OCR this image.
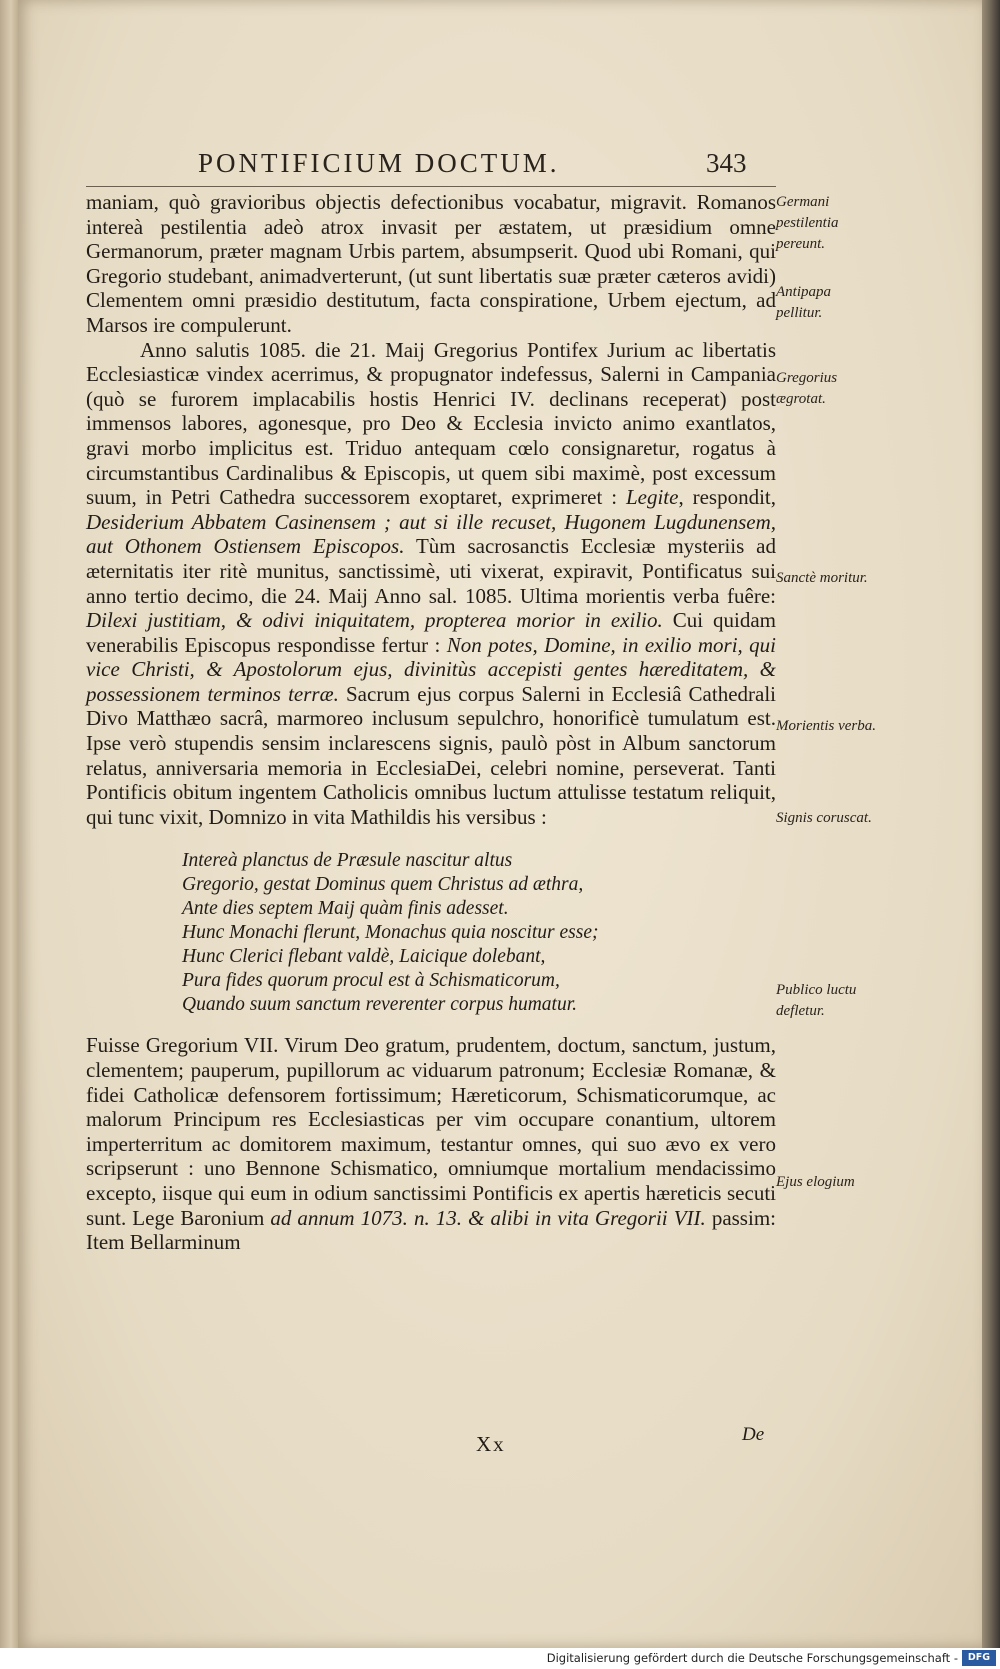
PONTIFICIUM DOCTUM.	343

maniam, quò gravioribus objectis defectionibus vocabatur, migravit. Romanos intereà pestilentia adeò atrox invasit per æstatem, ut præsidium omne Germanorum, præter magnam Urbis partem, absumpserit. Quod ubi Romani, qui Gregorio studebant, animadverterunt, (ut sunt libertatis suæ præter cæteros avidi) Clementem omni præsidio destitutum, facta conspiratione, Urbem ejectum, ad Marsos ire compulerunt.

Anno salutis 1085. die 21. Maij Gregorius Pontifex Jurium ac libertatis Ecclesiasticæ vindex acerrimus, & propugnator indefessus, Salerni in Campania (quò se furorem implacabilis hostis Henrici IV. declinans receperat) post immensos labores, agonesque, pro Deo & Ecclesia invicto animo exantlatos, gravi morbo implicitus est. Triduo antequam cœlo consignaretur, rogatus à circumstantibus Cardinalibus & Episcopis, ut quem sibi maximè, post excessum suum, in Petri Cathedra successorem exoptaret, exprimeret : Legite, respondit, Desiderium Abbatem Casinensem ; aut si ille recuset, Hugonem Lugdunensem, aut Othonem Ostiensem Episcopos. Tùm sacrosanctis Ecclesiæ mysteriis ad æternitatis iter ritè munitus, sanctissimè, uti vixerat, expiravit, Pontificatus sui anno tertio decimo, die 24. Maij Anno sal. 1085. Ultima morientis verba fuêre: Dilexi justitiam, & odivi iniquitatem, propterea morior in exilio. Cui quidam venerabilis Episcopus respondisse fertur : Non potes, Domine, in exilio mori, qui vice Christi, & Apostolorum ejus, divinitùs accepisti gentes hæreditatem, & possessionem terminos terræ. Sacrum ejus corpus Salerni in Ecclesiâ Cathedrali Divo Matthæo sacrâ, marmoreo inclusum sepulchro, honorificè tumulatum est. Ipse verò stupendis sensim inclarescens signis, paulò pòst in Album sanctorum relatus, anniversaria memoria in EcclesiaDei, celebri nomine, perseverat. Tanti Pontificis obitum ingentem Catholicis omnibus luctum attulisse testatum reliquit, qui tunc vixit, Domnizo in vita Mathildis his versibus :

Intereà planctus de Præsule nascitur altus
Gregorio, gestat Dominus quem Christus ad æthra,
Ante dies septem Maij quàm finis adesset.
Hunc Monachi flerunt, Monachus quia noscitur esse;
Hunc Clerici flebant valdè, Laicique dolebant,
Pura fides quorum procul est à Schismaticorum,
Quando suum sanctum reverenter corpus humatur.

Fuisse Gregorium VII. Virum Deo gratum, prudentem, doctum, sanctum, justum, clementem; pauperum, pupillorum ac viduarum patronum; Ecclesiæ Romanæ, & fidei Catholicæ defensorem fortissimum; Hæreticorum, Schismaticorumque, ac malorum Principum res Ecclesiasticas per vim occupare conantium, ultorem imperterritum ac domitorem maximum, testantur omnes, qui suo ævo ex vero scripserunt : uno Bennone Schismatico, omniumque mortalium mendacissimo excepto, iisque qui eum in odium sanctissimi Pontificis ex apertis hæreticis secuti sunt. Lege Baronium ad annum 1073. n. 13. & alibi in vita Gregorii VII. passim: Item Bellarminum

Germani pestilentia pereunt.
Antipapa pellitur.
Gregorius ægrotat.
Sanctè moritur.
Morientis verba.
Signis coruscat.
Publico luctu defletur.
Ejus elogium
Xx	De
Digitalisierung gefördert durch die Deutsche Forschungsgemeinschaft -	DFG
